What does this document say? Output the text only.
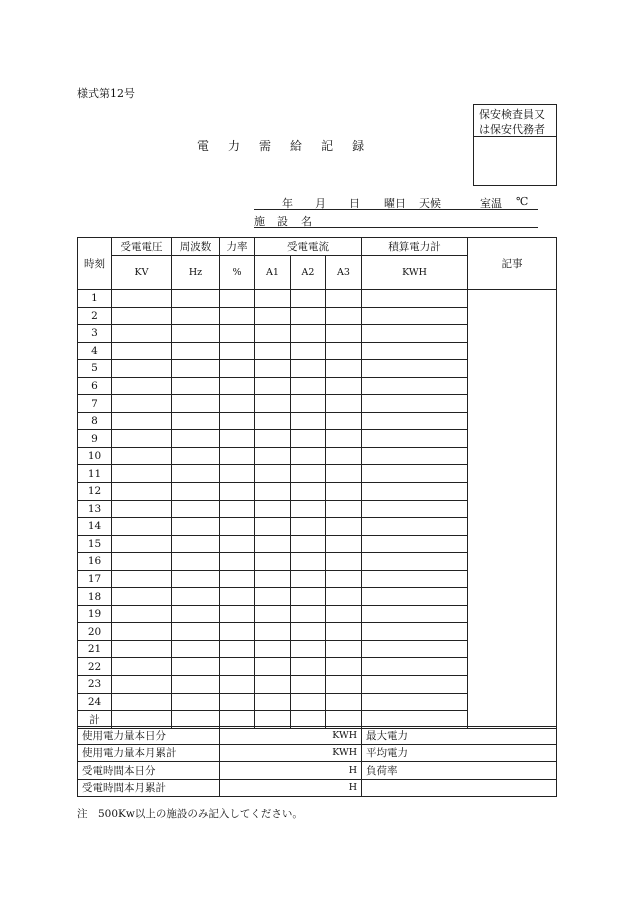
様式第12号
電 力 需 給 記 録
保安検査員又
は保安代務者
年 月 日 曜日 天候	室温 ℃
施 設 名
時刻	受電電圧	周波数	力率	受電電流			積算電力計	記事
	KV	Hz	%	A1	A2	A3	KWH	
1								
2								
3								
4								
5								
6								
7								
8								
9								
10								
11								
12								
13								
14								
15								
16								
17								
18								
19								
20								
21								
22								
23								
24								
計								
使用電力量本日分	KWH	最大電力
使用電力量本月累計	KWH	平均電力
受電時間本日分	H	負荷率
受電時間本月累計	H	
注　500Kw以上の施設のみ記入してください。
